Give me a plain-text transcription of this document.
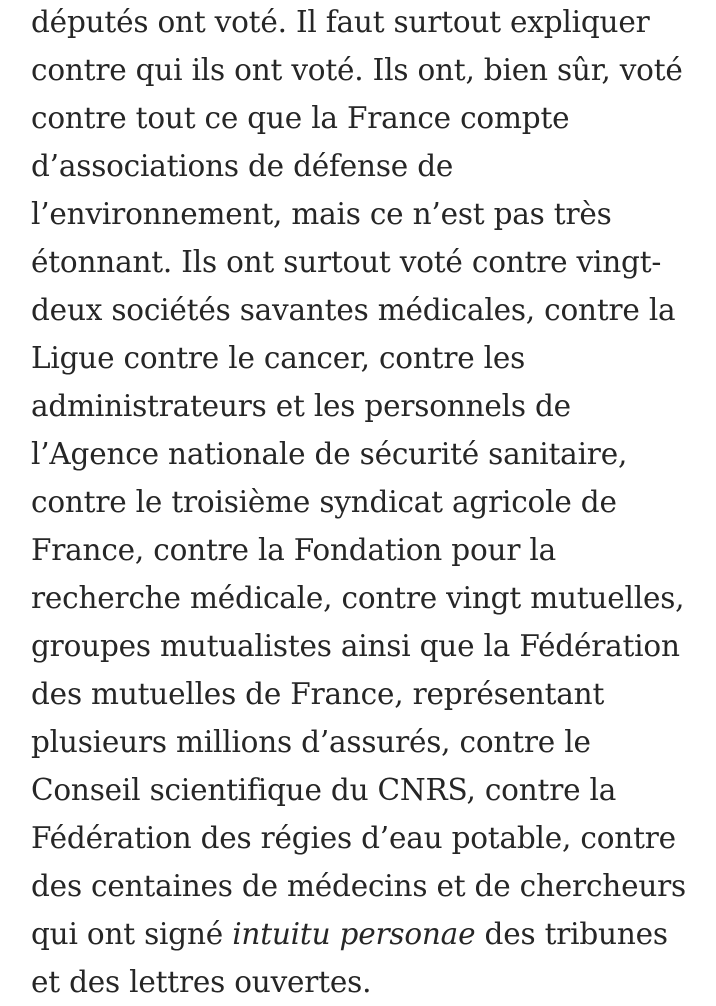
députés ont voté. Il faut surtout expliquer
contre qui ils ont voté. Ils ont, bien sûr, voté
contre tout ce que la France compte
d’associations de défense de
l’environnement, mais ce n’est pas très
étonnant. Ils ont surtout voté contre vingt-
deux sociétés savantes médicales, contre la
Ligue contre le cancer, contre les
administrateurs et les personnels de
l’Agence nationale de sécurité sanitaire,
contre le troisième syndicat agricole de
France, contre la Fondation pour la
recherche médicale, contre vingt mutuelles,
groupes mutualistes ainsi que la Fédération
des mutuelles de France, représentant
plusieurs millions d’assurés, contre le
Conseil scientifique du CNRS, contre la
Fédération des régies d’eau potable, contre
des centaines de médecins et de chercheurs
qui ont signé intuitu personae des tribunes
et des lettres ouvertes.
